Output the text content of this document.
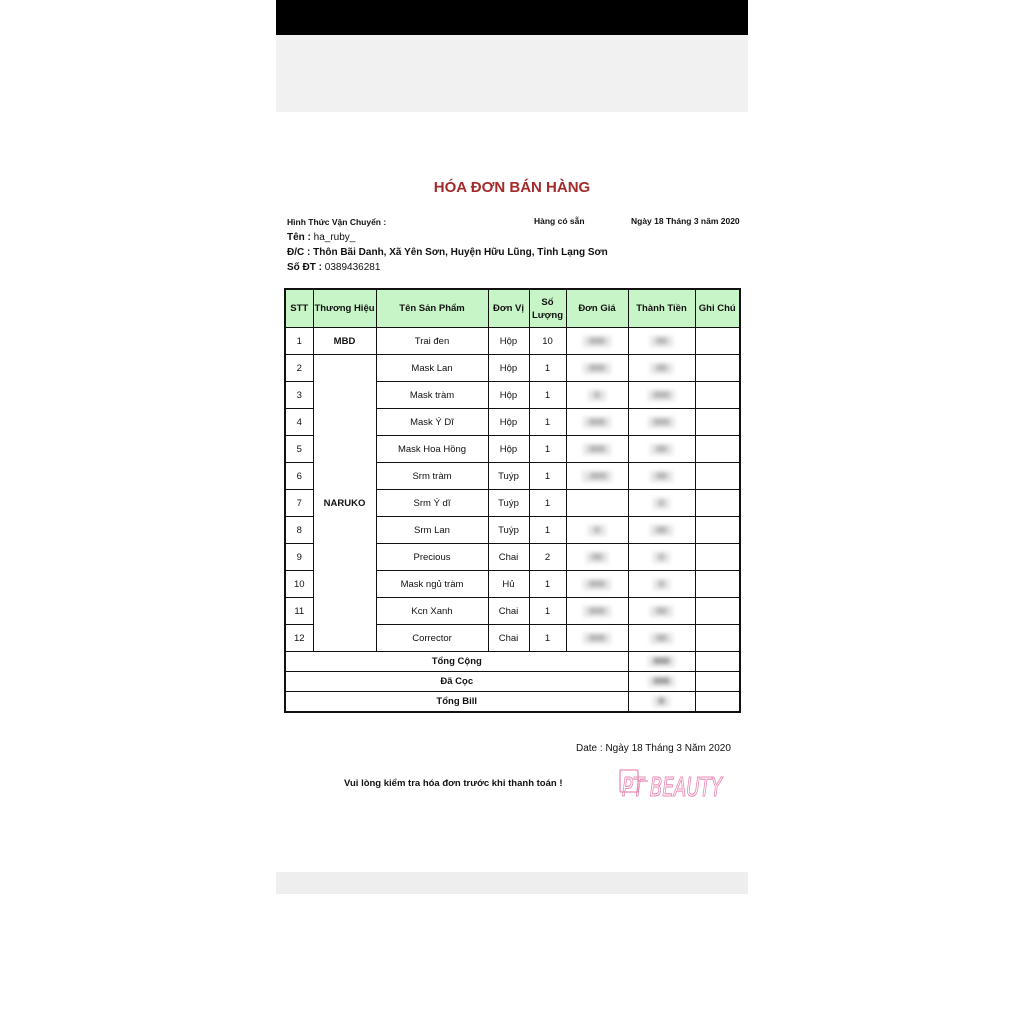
HÓA ĐƠN BÁN HÀNG
Hình Thức Vận Chuyển :	Hàng có sẵn	Ngày 18 Tháng 3 năm 2020
Tên : ha_ruby_
Đ/C : Thôn Bãi Danh, Xã Yên Sơn, Huyện Hữu Lũng, Tỉnh Lạng Sơn
Số ĐT : 0389436281
STT	Thương Hiệu	Tên Sản Phẩm	Đơn Vị	Số Lượng	Đơn Giá	Thành Tiền	Ghi Chú
1	MBD	Trai đen	Hộp	10	000	00	
2	NARUKO	Mask Lan	Hộp	1	000	00	
3		Mask tràm	Hộp	1	0	000	
4		Mask Ý Dĩ	Hộp	1	000	000	
5		Mask Hoa Hồng	Hộp	1	000	00	
6		Srm tràm	Tuýp	1	.000	00	
7		Srm Ý dĩ	Tuýp	1		0	
8		Srm Lan	Tuýp	1	0	00	
9		Precious	Chai	2	00	0	
10		Mask ngủ tràm	Hủ	1	000	0	
11		Kcn Xanh	Chai	1	000	00	
12		Corrector	Chai	1	000	00	
Tổng Cộng						000	
Đã Cọc						000	
Tổng Bill						0	
Date : Ngày 18 Tháng 3 Năm 2020
Vui lòng kiểm tra hóa đơn trước khi thanh toán ! PT BEAUTY
